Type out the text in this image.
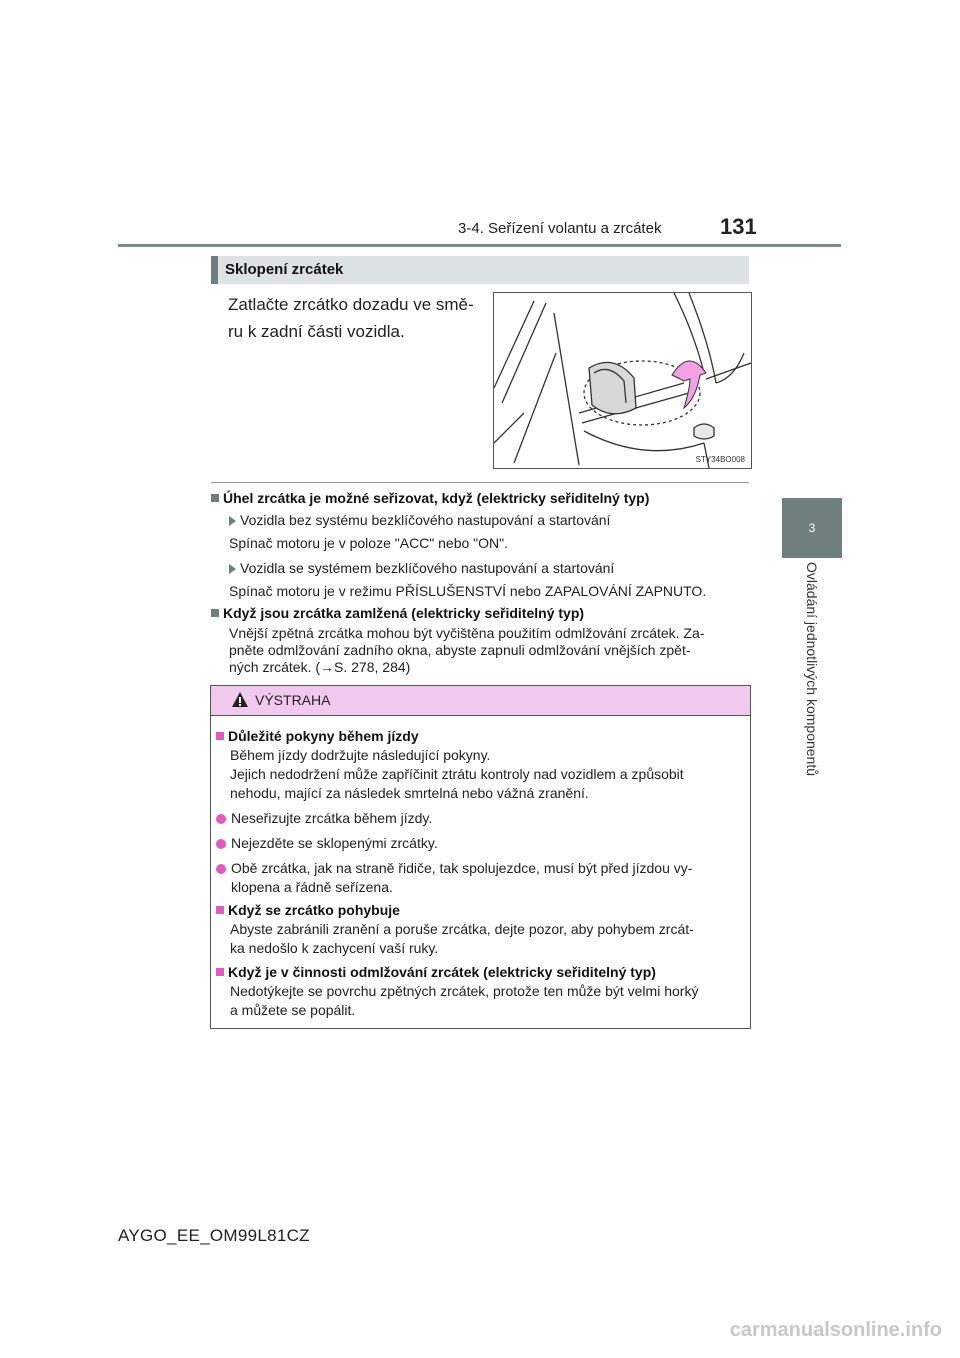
3-4. Seřízení volantu a zrcátek	131
3
Ovládání jednotlivých komponentů
Sklopení zrcátek
Zatlačte zrcátko dozadu ve smě-
ru k zadní části vozidla.
STY34BO008
Úhel zrcátka je možné seřizovat, když (elektricky seřiditelný typ)
Vozidla bez systému bezklíčového nastupování a startování
Spínač motoru je v poloze "ACC" nebo "ON".
Vozidla se systémem bezklíčového nastupování a startování
Spínač motoru je v režimu PŘÍSLUŠENSTVÍ nebo ZAPALOVÁNÍ ZAPNUTO.
Když jsou zrcátka zamlžená (elektricky seřiditelný typ)
Vnější zpětná zrcátka mohou být vyčištěna použitím odmlžování zrcátek. Za-
pněte odmlžování zadního okna, abyste zapnuli odmlžování vnějších zpět-
ných zrcátek. (→S. 278, 284)
VÝSTRAHA
Důležité pokyny během jízdy
Během jízdy dodržujte následující pokyny.
Jejich nedodržení může zapříčinit ztrátu kontroly nad vozidlem a způsobit
nehodu, mající za následek smrtelná nebo vážná zranění.
Neseřizujte zrcátka během jízdy.
Nejezděte se sklopenými zrcátky.
Obě zrcátka, jak na straně řidiče, tak spolujezdce, musí být před jízdou vy-
klopena a řádně seřízena.
Když se zrcátko pohybuje
Abyste zabránili zranění a poruše zrcátka, dejte pozor, aby pohybem zrcát-
ka nedošlo k zachycení vaší ruky.
Když je v činnosti odmlžování zrcátek (elektricky seřiditelný typ)
Nedotýkejte se povrchu zpětných zrcátek, protože ten může být velmi horký
a můžete se popálit.
AYGO_EE_OM99L81CZ
carmanualsonline.info
